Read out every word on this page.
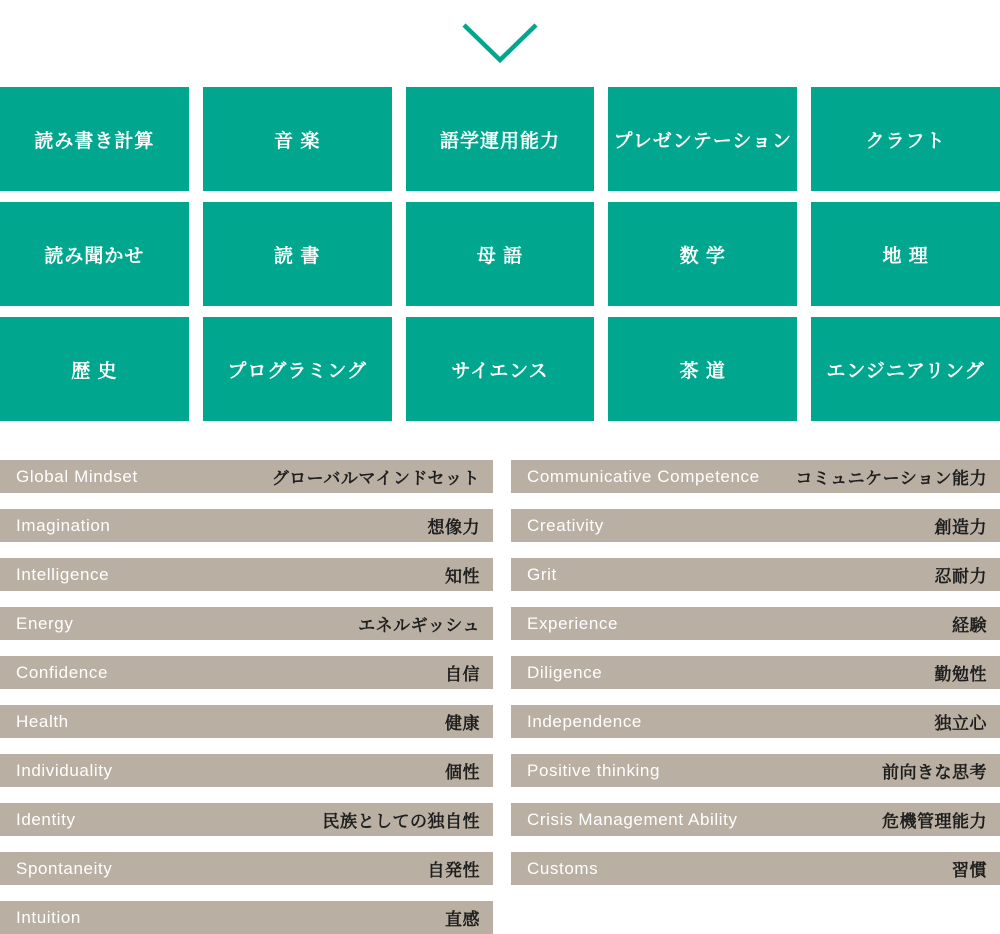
読み書き計算	音 楽	語学運用能力	プレゼンテーション	クラフト
読み聞かせ	読 書	母 語	数 学	地 理
歴 史	プログラミング	サイエンス	茶 道	エンジニアリング
Global Mindset	グローバルマインドセット
Imagination	想像力
Intelligence	知性
Energy	エネルギッシュ
Confidence	自信
Health	健康
Individuality	個性
Identity	民族としての独自性
Spontaneity	自発性
Intuition	直感
Communicative Competence コミュニケーション能力
Creativity	創造力
Grit	忍耐力
Experience	経験
Diligence	勤勉性
Independence	独立心
Positive thinking	前向きな思考
Crisis Management Ability	危機管理能力
Customs	習慣
